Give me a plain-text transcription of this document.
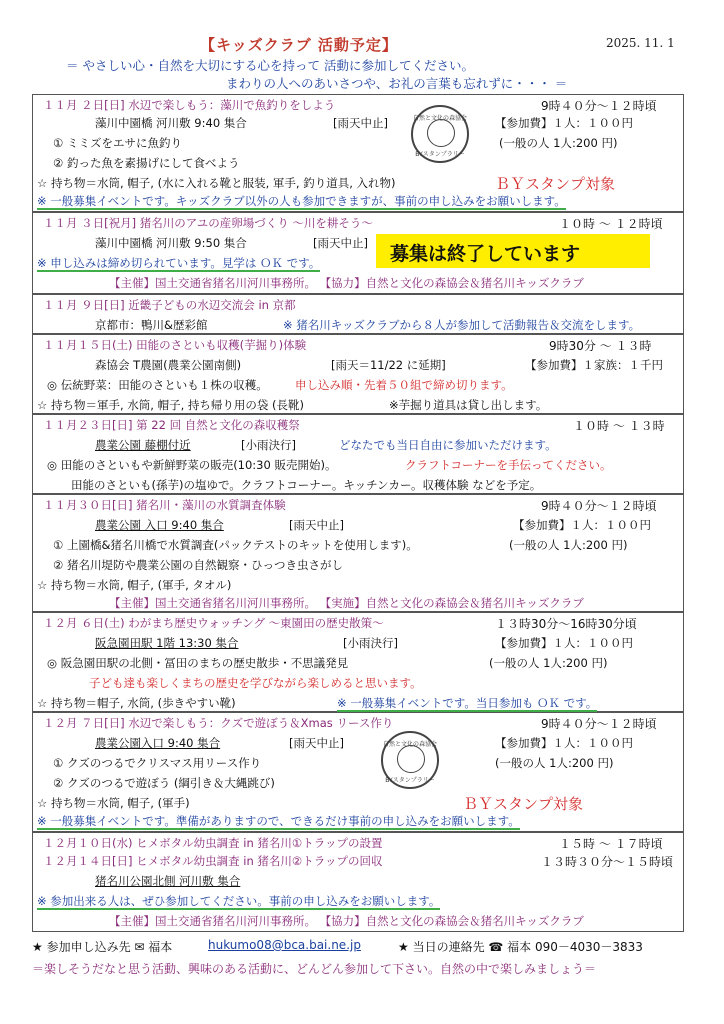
【キッズクラブ 活動予定】	2025. 11. 1
＝ やさしい心・自然を大切にする心を持って 活動に参加してください。
まわりの人へのあいさつや、お礼の言葉も忘れずに・・・ ＝
１１月 ２日[日] 水辺で楽しもう：藻川で魚釣りをしよう	9時４０分～１２時頃
藻川中園橋 河川敷 9:40 集合	[雨天中止]	【参加費】１人：１００円
(一般の人 1人:200 円)
① ミミズをエサに魚釣り
② 釣った魚を素揚げにして食べよう
☆ 持ち物＝水筒, 帽子, (水に入れる靴と服装, 軍手, 釣り道具, 入れ物)	ＢＹスタンプ対象
※ 一般募集イベントです。キッズクラブ以外の人も参加できますが、事前の申し込みをお願いします。
自然と文化の森協会
BYスタンプラリー
１１月 ３日[祝月] 猪名川のアユの産卵場づくり ～川を耕そう～	１０時 ～ １２時頃
藻川中園橋 河川敷 9:50 集合	[雨天中止]
※ 申し込みは締め切られています。見学は ＯＫ です。
【主催】国土交通省猪名川河川事務所。 【協力】自然と文化の森協会＆猪名川キッズクラブ
募集は終了しています
１１月 ９日[日] 近畿子どもの水辺交流会 in 京都
京都市：鴨川&歴彩館	※ 猪名川キッズクラブから８人が参加して活動報告＆交流をします。
１１月１５日(土) 田能のさといも収穫(芋掘り)体験	9時30分 ～ １３時
森協会 T農園(農業公園南側)	[雨天＝11/22 に延期]	【参加費】１家族：１千円
◎ 伝統野菜：田能のさといも１株の収穫。 申し込み順・先着５０組で締め切ります。
☆ 持ち物＝軍手, 水筒, 帽子, 持ち帰り用の袋 (長靴)	※芋掘り道具は貸し出します。
１１月２３日[日] 第 22 回 自然と文化の森収穫祭	１０時 ～ １３時
農業公園 藤棚付近	[小雨決行]	どなたでも当日自由に参加いただけます。
◎ 田能のさといもや新鮮野菜の販売(10:30 販売開始)。	クラフトコーナーを手伝ってください。
田能のさといも(孫芋)の塩ゆで。クラフトコーナー。キッチンカー。収穫体験 などを予定。
１１月３０日[日] 猪名川・藻川の水質調査体験	9時４０分～１２時頃
農業公園 入口 9:40 集合	[雨天中止]	【参加費】１人：１００円
① 上園橋&猪名川橋で水質調査(パックテストのキットを使用します)。	(一般の人 1人:200 円)
② 猪名川堤防や農業公園の自然観察・ひっつき虫さがし
☆ 持ち物＝水筒, 帽子, (軍手, タオル)
【主催】国土交通省猪名川河川事務所。 【実施】自然と文化の森協会＆猪名川キッズクラブ
１２月 ６日(土) わがまち歴史ウォッチング ～東園田の歴史散策～	１３時30分～16時30分頃
阪急園田駅 1階 13:30 集合	[小雨決行]	【参加費】１人：１００円
◎ 阪急園田駅の北側・冨田のまちの歴史散歩・不思議発見	(一般の人 1人:200 円)
子ども達も楽しくまちの歴史を学びながら楽しめると思います。
☆ 持ち物＝帽子, 水筒, (歩きやすい靴)	※ 一般募集イベントです。当日参加も ＯＫ です。
１２月 ７日[日] 水辺で楽しもう：クズで遊ぼう＆Xmas リース作り	9時４０分～１２時頃
農業公園入口 9:40 集合	[雨天中止]	【参加費】１人：１００円
① クズのつるでクリスマス用リース作り	(一般の人 1人:200 円)
② クズのつるで遊ぼう (綱引き＆大縄跳び)
☆ 持ち物＝水筒, 帽子, (軍手)	ＢＹスタンプ対象
※ 一般募集イベントです。準備がありますので、できるだけ事前の申し込みをお願いします。
自然と文化の森協会
BYスタンプラリー
１２月１０日(水) ヒメボタル幼虫調査 in 猪名川①トラップの設置	１５時 ～ １７時頃
１２月１４日[日] ヒメボタル幼虫調査 in 猪名川②トラップの回収	１３時３０分～１５時頃
猪名川公園北側 河川敷 集合
※ 参加出来る人は、ぜひ参加してください。事前の申し込みをお願いします。
【主催】国土交通省猪名川河川事務所。 【協力】自然と文化の森協会＆猪名川キッズクラブ
★ 参加申し込み先 ✉ 福本	hukumo08@bca.bai.ne.jp	★ 当日の連絡先 ☎ 福本 090－4030－3833
＝楽しそうだなと思う活動、興味のある活動に、どんどん参加して下さい。自然の中で楽しみましょう＝
